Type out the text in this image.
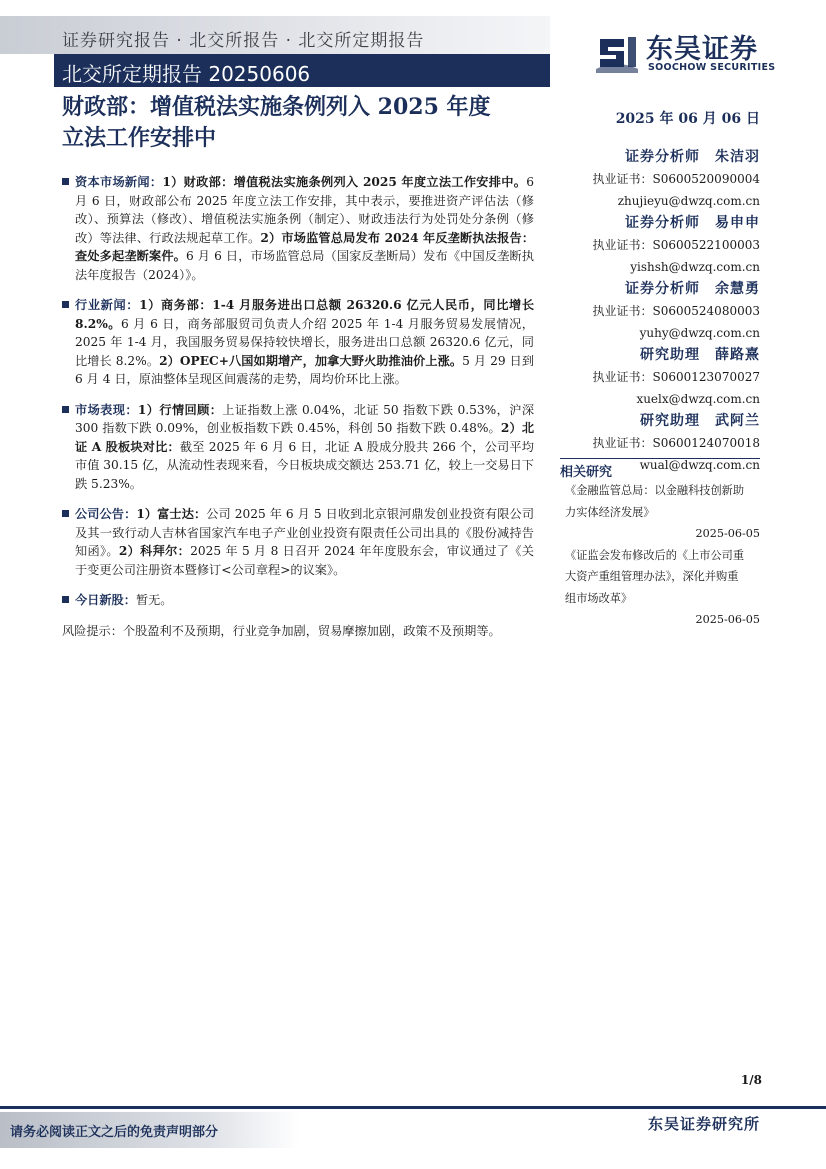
证券研究报告 · 北交所报告 · 北交所定期报告
北交所定期报告 20250606
东吴证券
SOOCHOW SECURITIES
财政部：增值税法实施条例列入 2025 年度
立法工作安排中
2025 年 06 月 06 日
资本市场新闻：1）财政部：增值税法实施条例列入 2025 年度立法工作安排中。6 月 6 日，财政部公布 2025 年度立法工作安排，其中表示，要推进资产评估法（修改）、预算法（修改）、增值税法实施条例（制定）、财政违法行为处罚处分条例（修改）等法律、行政法规起草工作。2）市场监管总局发布 2024 年反垄断执法报告：查处多起垄断案件。6 月 6 日，市场监管总局（国家反垄断局）发布《中国反垄断执法年度报告（2024）》。
行业新闻：1）商务部：1-4 月服务进出口总额 26320.6 亿元人民币，同比增长 8.2%。6 月 6 日，商务部服贸司负责人介绍 2025 年 1-4 月服务贸易发展情况，2025 年 1-4 月，我国服务贸易保持较快增长，服务进出口总额 26320.6 亿元，同比增长 8.2%。2）OPEC+八国如期增产，加拿大野火助推油价上涨。5 月 29 日到 6 月 4 日，原油整体呈现区间震荡的走势，周均价环比上涨。
市场表现：1）行情回顾：上证指数上涨 0.04%，北证 50 指数下跌 0.53%，沪深 300 指数下跌 0.09%，创业板指数下跌 0.45%，科创 50 指数下跌 0.48%。2）北证 A 股板块对比：截至 2025 年 6 月 6 日，北证 A 股成分股共 266 个，公司平均市值 30.15 亿，从流动性表现来看，今日板块成交额达 253.71 亿，较上一交易日下跌 5.23%。
公司公告：1）富士达：公司 2025 年 6 月 5 日收到北京银河鼎发创业投资有限公司及其一致行动人吉林省国家汽车电子产业创业投资有限责任公司出具的《股份减持告知函》。2）科拜尔：2025 年 5 月 8 日召开 2024 年年度股东会，审议通过了《关于变更公司注册资本暨修订<公司章程>的议案》。
今日新股：暂无。
风险提示：个股盈利不及预期，行业竞争加剧，贸易摩擦加剧，政策不及预期等。
证券分析师　朱洁羽
执业证书：S0600520090004
zhujieyu@dwzq.com.cn
证券分析师　易申申
执业证书：S0600522100003
yishsh@dwzq.com.cn
证券分析师　余慧勇
执业证书：S0600524080003
yuhy@dwzq.com.cn
研究助理　薛路熹
执业证书：S0600123070027
xuelx@dwzq.com.cn
研究助理　武阿兰
执业证书：S0600124070018
wual@dwzq.com.cn
相关研究
《金融监管总局：以金融科技创新助
力实体经济发展》
2025-06-05
《证监会发布修改后的《上市公司重
大资产重组管理办法》，深化并购重
组市场改革》
2025-06-05
1/8
请务必阅读正文之后的免责声明部分	东吴证券研究所
